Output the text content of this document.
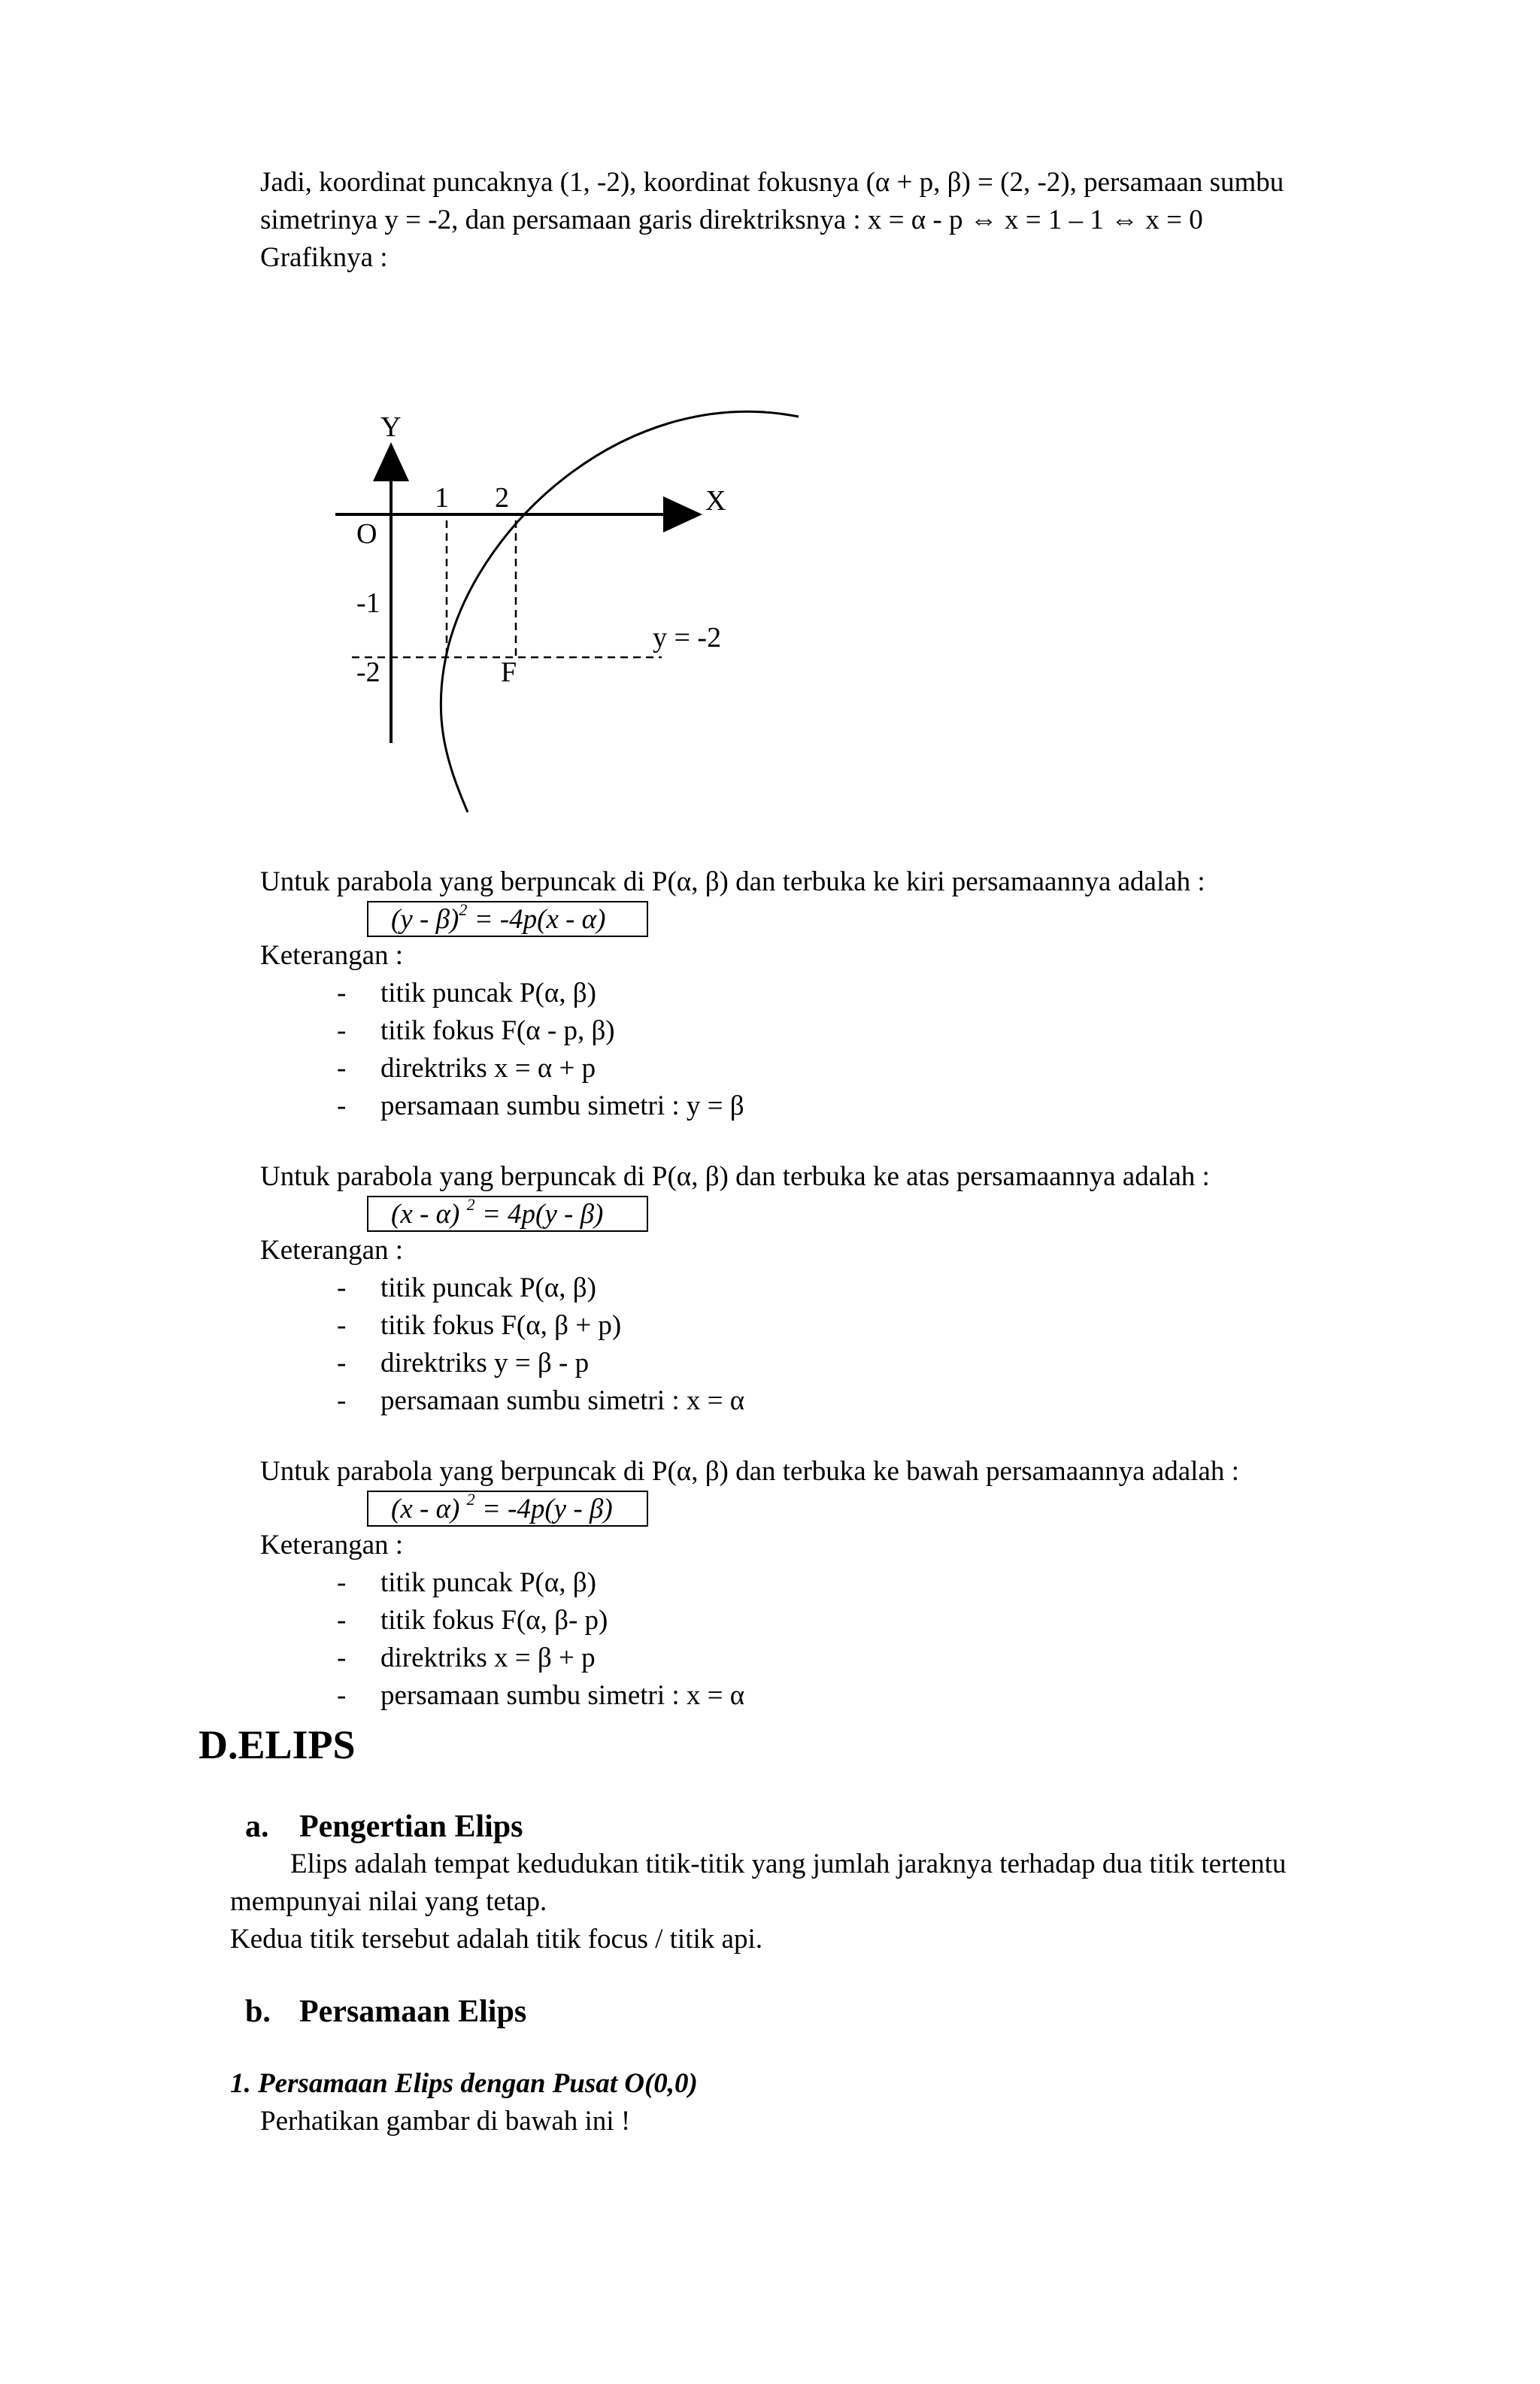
Jadi, koordinat puncaknya (1, -2), koordinat fokusnya (α + p, β) = (2, -2), persamaan sumbu
simetrinya y = -2, dan persamaan garis direktriksnya : x = α - p ⇔ x = 1 – 1 ⇔ x = 0
Grafiknya :
Y
X
O
1 2
-1
-2	F
y = -2
Untuk parabola yang berpuncak di P(α, β) dan terbuka ke kiri persamaannya adalah :
(y - β)$^2$ = -4p(x - α)
Keterangan :
- titik puncak P(α, β)
- titik fokus F(α - p, β)
- direktriks x = α + p
- persamaan sumbu simetri : y = β
Untuk parabola yang berpuncak di P(α, β) dan terbuka ke atas persamaannya adalah :
(x - α) $^2$ = 4p(y - β)
Keterangan :
- titik puncak P(α, β)
- titik fokus F(α, β + p)
- direktriks y = β - p
- persamaan sumbu simetri : x = α
Untuk parabola yang berpuncak di P(α, β) dan terbuka ke bawah persamaannya adalah :
(x - α) $^2$ = -4p(y - β)
Keterangan :
- titik puncak P(α, β)
- titik fokus F(α, β- p)
- direktriks x = β + p
- persamaan sumbu simetri : x = α
D.ELIPS
a. Pengertian Elips
Elips adalah tempat kedudukan titik-titik yang jumlah jaraknya terhadap dua titik tertentu
mempunyai nilai yang tetap.
Kedua titik tersebut adalah titik focus / titik api.
b. Persamaan Elips
1. Persamaan Elips dengan Pusat O(0,0)
Perhatikan gambar di bawah ini !
